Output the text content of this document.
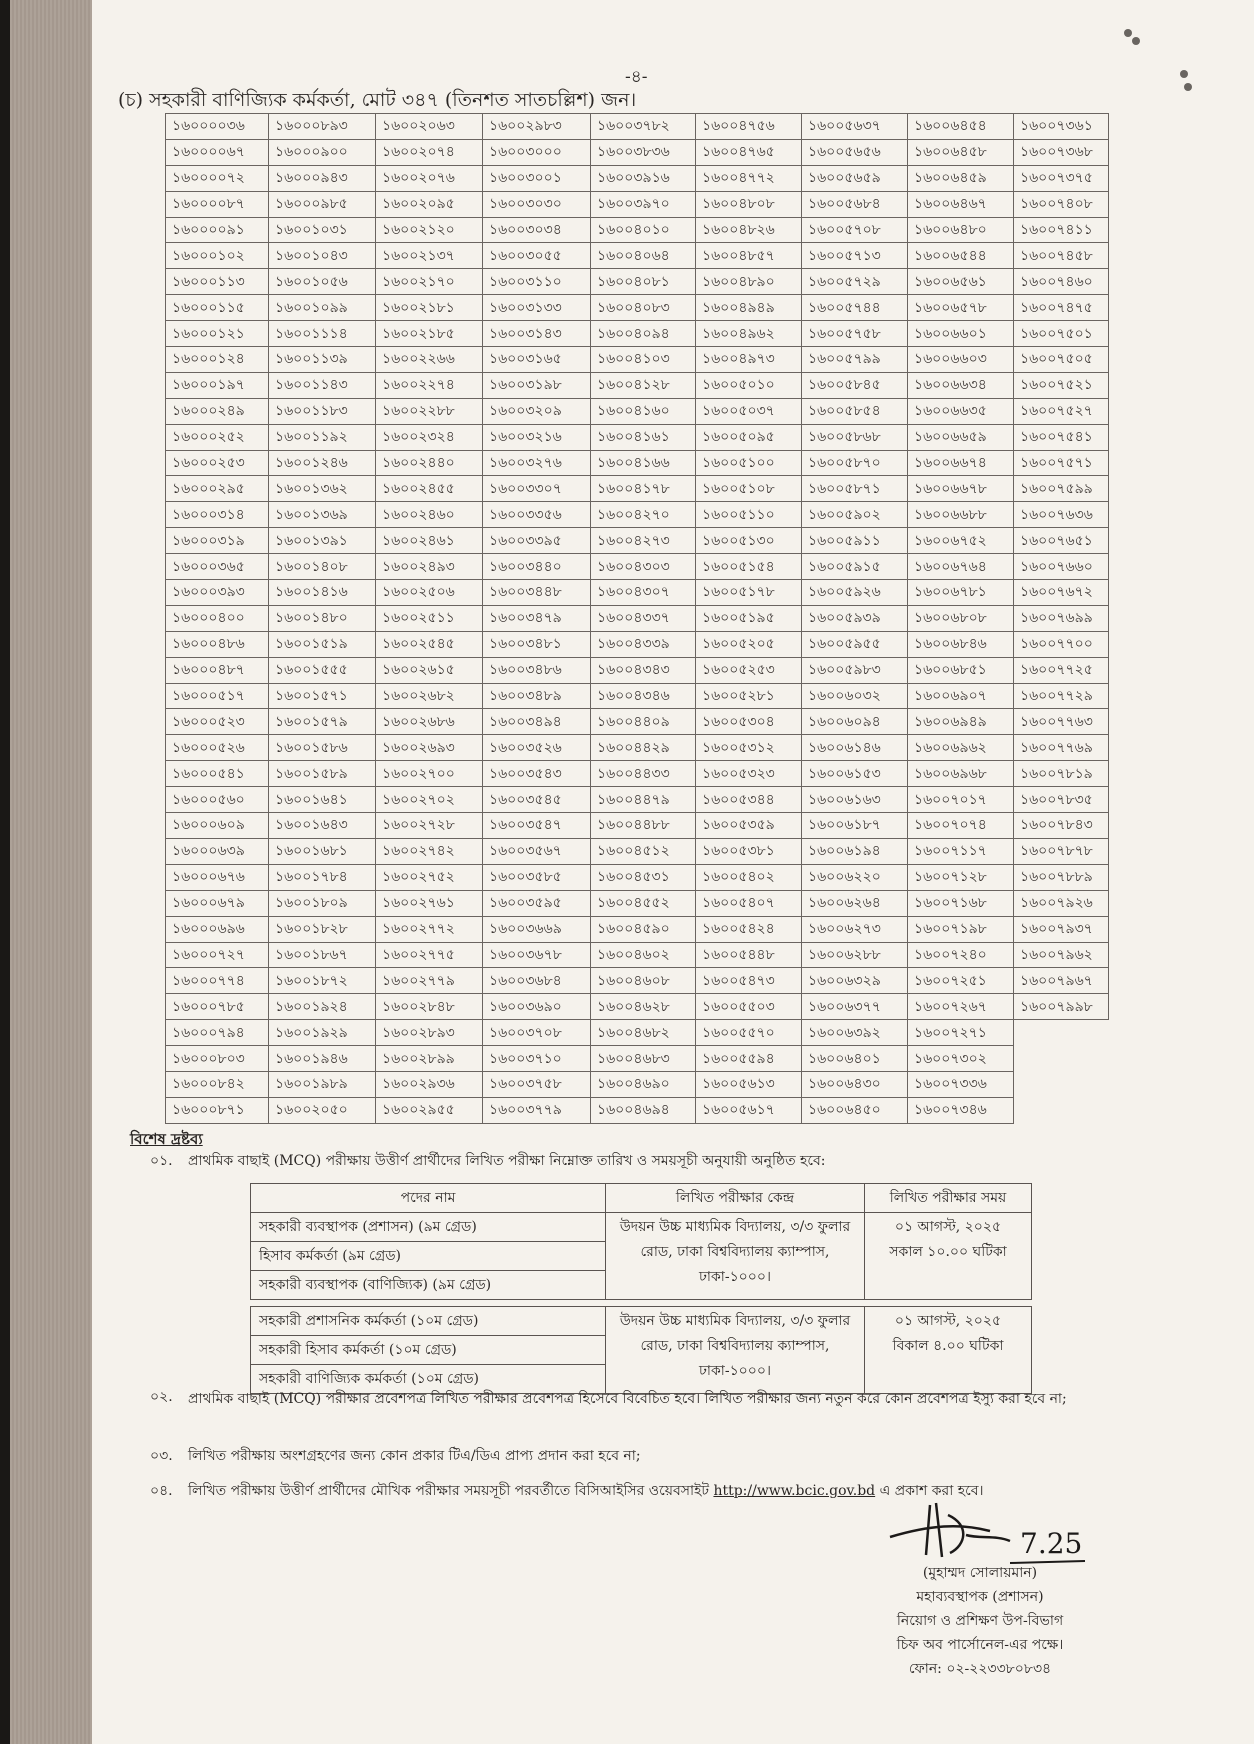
-৪-
(চ) সহকারী বাণিজ্যিক কর্মকর্তা, মোট ৩৪৭ (তিনশত সাতচল্লিশ) জন।
১৬০০০০৩৬	১৬০০০৮৯৩	১৬০০২০৬৩	১৬০০২৯৮৩	১৬০০৩৭৮২	১৬০০৪৭৫৬	১৬০০৫৬৩৭	১৬০০৬৪৫৪	১৬০০৭৩৬১
১৬০০০০৬৭	১৬০০০৯০০	১৬০০২০৭৪	১৬০০৩০০০	১৬০০৩৮৩৬	১৬০০৪৭৬৫	১৬০০৫৬৫৬	১৬০০৬৪৫৮	১৬০০৭৩৬৮
১৬০০০০৭২	১৬০০০৯৪৩	১৬০০২০৭৬	১৬০০৩০০১	১৬০০৩৯১৬	১৬০০৪৭৭২	১৬০০৫৬৫৯	১৬০০৬৪৫৯	১৬০০৭৩৭৫
১৬০০০০৮৭	১৬০০০৯৮৫	১৬০০২০৯৫	১৬০০৩০৩০	১৬০০৩৯৭০	১৬০০৪৮০৮	১৬০০৫৬৮৪	১৬০০৬৪৬৭	১৬০০৭৪০৮
১৬০০০০৯১	১৬০০১০৩১	১৬০০২১২০	১৬০০৩০৩৪	১৬০০৪০১০	১৬০০৪৮২৬	১৬০০৫৭০৮	১৬০০৬৪৮০	১৬০০৭৪১১
১৬০০০১০২	১৬০০১০৪৩	১৬০০২১৩৭	১৬০০৩০৫৫	১৬০০৪০৬৪	১৬০০৪৮৫৭	১৬০০৫৭১৩	১৬০০৬৫৪৪	১৬০০৭৪৫৮
১৬০০০১১৩	১৬০০১০৫৬	১৬০০২১৭০	১৬০০৩১১০	১৬০০৪০৮১	১৬০০৪৮৯০	১৬০০৫৭২৯	১৬০০৬৫৬১	১৬০০৭৪৬০
১৬০০০১১৫	১৬০০১০৯৯	১৬০০২১৮১	১৬০০৩১৩৩	১৬০০৪০৮৩	১৬০০৪৯৪৯	১৬০০৫৭৪৪	১৬০০৬৫৭৮	১৬০০৭৪৭৫
১৬০০০১২১	১৬০০১১১৪	১৬০০২১৮৫	১৬০০৩১৪৩	১৬০০৪০৯৪	১৬০০৪৯৬২	১৬০০৫৭৫৮	১৬০০৬৬০১	১৬০০৭৫০১
১৬০০০১২৪	১৬০০১১৩৯	১৬০০২২৬৬	১৬০০৩১৬৫	১৬০০৪১০৩	১৬০০৪৯৭৩	১৬০০৫৭৯৯	১৬০০৬৬০৩	১৬০০৭৫০৫
১৬০০০১৯৭	১৬০০১১৪৩	১৬০০২২৭৪	১৬০০৩১৯৮	১৬০০৪১২৮	১৬০০৫০১০	১৬০০৫৮৪৫	১৬০০৬৬৩৪	১৬০০৭৫২১
১৬০০০২৪৯	১৬০০১১৮৩	১৬০০২২৮৮	১৬০০৩২০৯	১৬০০৪১৬০	১৬০০৫০৩৭	১৬০০৫৮৫৪	১৬০০৬৬৩৫	১৬০০৭৫২৭
১৬০০০২৫২	১৬০০১১৯২	১৬০০২৩২৪	১৬০০৩২১৬	১৬০০৪১৬১	১৬০০৫০৯৫	১৬০০৫৮৬৮	১৬০০৬৬৫৯	১৬০০৭৫৪১
১৬০০০২৫৩	১৬০০১২৪৬	১৬০০২৪৪০	১৬০০৩২৭৬	১৬০০৪১৬৬	১৬০০৫১০০	১৬০০৫৮৭০	১৬০০৬৬৭৪	১৬০০৭৫৭১
১৬০০০২৯৫	১৬০০১৩৬২	১৬০০২৪৫৫	১৬০০৩৩০৭	১৬০০৪১৭৮	১৬০০৫১০৮	১৬০০৫৮৭১	১৬০০৬৬৭৮	১৬০০৭৫৯৯
১৬০০০৩১৪	১৬০০১৩৬৯	১৬০০২৪৬০	১৬০০৩৩৫৬	১৬০০৪২৭০	১৬০০৫১১০	১৬০০৫৯০২	১৬০০৬৬৮৮	১৬০০৭৬৩৬
১৬০০০৩১৯	১৬০০১৩৯১	১৬০০২৪৬১	১৬০০৩৩৯৫	১৬০০৪২৭৩	১৬০০৫১৩০	১৬০০৫৯১১	১৬০০৬৭৫২	১৬০০৭৬৫১
১৬০০০৩৬৫	১৬০০১৪০৮	১৬০০২৪৯৩	১৬০০৩৪৪০	১৬০০৪৩০৩	১৬০০৫১৫৪	১৬০০৫৯১৫	১৬০০৬৭৬৪	১৬০০৭৬৬০
১৬০০০৩৯৩	১৬০০১৪১৬	১৬০০২৫০৬	১৬০০৩৪৪৮	১৬০০৪৩০৭	১৬০০৫১৭৮	১৬০০৫৯২৬	১৬০০৬৭৮১	১৬০০৭৬৭২
১৬০০০৪০০	১৬০০১৪৮০	১৬০০২৫১১	১৬০০৩৪৭৯	১৬০০৪৩৩৭	১৬০০৫১৯৫	১৬০০৫৯৩৯	১৬০০৬৮০৮	১৬০০৭৬৯৯
১৬০০০৪৮৬	১৬০০১৫১৯	১৬০০২৫৪৫	১৬০০৩৪৮১	১৬০০৪৩৩৯	১৬০০৫২০৫	১৬০০৫৯৫৫	১৬০০৬৮৪৬	১৬০০৭৭০০
১৬০০০৪৮৭	১৬০০১৫৫৫	১৬০০২৬১৫	১৬০০৩৪৮৬	১৬০০৪৩৪৩	১৬০০৫২৫৩	১৬০০৫৯৮৩	১৬০০৬৮৫১	১৬০০৭৭২৫
১৬০০০৫১৭	১৬০০১৫৭১	১৬০০২৬৮২	১৬০০৩৪৮৯	১৬০০৪৩৪৬	১৬০০৫২৮১	১৬০০৬০৩২	১৬০০৬৯০৭	১৬০০৭৭২৯
১৬০০০৫২৩	১৬০০১৫৭৯	১৬০০২৬৮৬	১৬০০৩৪৯৪	১৬০০৪৪০৯	১৬০০৫৩০৪	১৬০০৬০৯৪	১৬০০৬৯৪৯	১৬০০৭৭৬৩
১৬০০০৫২৬	১৬০০১৫৮৬	১৬০০২৬৯৩	১৬০০৩৫২৬	১৬০০৪৪২৯	১৬০০৫৩১২	১৬০০৬১৪৬	১৬০০৬৯৬২	১৬০০৭৭৬৯
১৬০০০৫৪১	১৬০০১৫৮৯	১৬০০২৭০০	১৬০০৩৫৪৩	১৬০০৪৪৩৩	১৬০০৫৩২৩	১৬০০৬১৫৩	১৬০০৬৯৬৮	১৬০০৭৮১৯
১৬০০০৫৬০	১৬০০১৬৪১	১৬০০২৭০২	১৬০০৩৫৪৫	১৬০০৪৪৭৯	১৬০০৫৩৪৪	১৬০০৬১৬৩	১৬০০৭০১৭	১৬০০৭৮৩৫
১৬০০০৬০৯	১৬০০১৬৪৩	১৬০০২৭২৮	১৬০০৩৫৪৭	১৬০০৪৪৮৮	১৬০০৫৩৫৯	১৬০০৬১৮৭	১৬০০৭০৭৪	১৬০০৭৮৪৩
১৬০০০৬৩৯	১৬০০১৬৮১	১৬০০২৭৪২	১৬০০৩৫৬৭	১৬০০৪৫১২	১৬০০৫৩৮১	১৬০০৬১৯৪	১৬০০৭১১৭	১৬০০৭৮৭৮
১৬০০০৬৭৬	১৬০০১৭৮৪	১৬০০২৭৫২	১৬০০৩৫৮৫	১৬০০৪৫৩১	১৬০০৫৪০২	১৬০০৬২২০	১৬০০৭১২৮	১৬০০৭৮৮৯
১৬০০০৬৭৯	১৬০০১৮০৯	১৬০০২৭৬১	১৬০০৩৫৯৫	১৬০০৪৫৫২	১৬০০৫৪০৭	১৬০০৬২৬৪	১৬০০৭১৬৮	১৬০০৭৯২৬
১৬০০০৬৯৬	১৬০০১৮২৮	১৬০০২৭৭২	১৬০০৩৬৬৯	১৬০০৪৫৯০	১৬০০৫৪২৪	১৬০০৬২৭৩	১৬০০৭১৯৮	১৬০০৭৯৩৭
১৬০০০৭২৭	১৬০০১৮৬৭	১৬০০২৭৭৫	১৬০০৩৬৭৮	১৬০০৪৬০২	১৬০০৫৪৪৮	১৬০০৬২৮৮	১৬০০৭২৪০	১৬০০৭৯৬২
১৬০০০৭৭৪	১৬০০১৮৭২	১৬০০২৭৭৯	১৬০০৩৬৮৪	১৬০০৪৬০৮	১৬০০৫৪৭৩	১৬০০৬৩২৯	১৬০০৭২৫১	১৬০০৭৯৬৭
১৬০০০৭৮৫	১৬০০১৯২৪	১৬০০২৮৪৮	১৬০০৩৬৯০	১৬০০৪৬২৮	১৬০০৫৫০৩	১৬০০৬৩৭৭	১৬০০৭২৬৭	১৬০০৭৯৯৮
১৬০০০৭৯৪	১৬০০১৯২৯	১৬০০২৮৯৩	১৬০০৩৭০৮	১৬০০৪৬৮২	১৬০০৫৫৭০	১৬০০৬৩৯২	১৬০০৭২৭১	
১৬০০০৮০৩	১৬০০১৯৪৬	১৬০০২৮৯৯	১৬০০৩৭১০	১৬০০৪৬৮৩	১৬০০৫৫৯৪	১৬০০৬৪০১	১৬০০৭৩০২	
১৬০০০৮৪২	১৬০০১৯৮৯	১৬০০২৯৩৬	১৬০০৩৭৫৮	১৬০০৪৬৯০	১৬০০৫৬১৩	১৬০০৬৪৩০	১৬০০৭৩৩৬	
১৬০০০৮৭১	১৬০০২০৫০	১৬০০২৯৫৫	১৬০০৩৭৭৯	১৬০০৪৬৯৪	১৬০০৫৬১৭	১৬০০৬৪৫০	১৬০০৭৩৪৬	
বিশেষ দ্রষ্টব্য
০১. প্রাথমিক বাছাই (MCQ) পরীক্ষায় উত্তীর্ণ প্রার্থীদের লিখিত পরীক্ষা নিম্নোক্ত তারিখ ও সময়সূচী অনুযায়ী অনুষ্ঠিত হবে:
পদের নাম	লিখিত পরীক্ষার কেন্দ্র	লিখিত পরীক্ষার সময়
সহকারী ব্যবস্থাপক (প্রশাসন) (৯ম গ্রেড)	উদয়ন উচ্চ মাধ্যমিক বিদ্যালয়, ৩/৩ ফুলার রোড, ঢাকা বিশ্ববিদ্যালয় ক্যাম্পাস, ঢাকা-১০০০।	০১ আগস্ট, ২০২৫
সকাল ১০.০০ ঘটিকা

হিসাব কর্মকর্তা (৯ম গ্রেড)		
সহকারী ব্যবস্থাপক (বাণিজ্যিক) (৯ম গ্রেড)		

সহকারী প্রশাসনিক কর্মকর্তা (১০ম গ্রেড)	উদয়ন উচ্চ মাধ্যমিক বিদ্যালয়, ৩/৩ ফুলার রোড, ঢাকা বিশ্ববিদ্যালয় ক্যাম্পাস, ঢাকা-১০০০।	০১ আগস্ট, ২০২৫
বিকাল ৪.০০ ঘটিকা

সহকারী হিসাব কর্মকর্তা (১০ম গ্রেড)		
সহকারী বাণিজ্যিক কর্মকর্তা (১০ম গ্রেড)		
০২. প্রাথমিক বাছাই (MCQ) পরীক্ষার প্রবেশপত্র লিখিত পরীক্ষার প্রবেশপত্র হিসেবে বিবেচিত হবে। লিখিত পরীক্ষার জন্য নতুন করে কোন প্রবেশপত্র ইস্যু করা হবে না;
০৩. লিখিত পরীক্ষায় অংশগ্রহণের জন্য কোন প্রকার টিএ/ডিএ প্রাপ্য প্রদান করা হবে না;
০৪. লিখিত পরীক্ষায় উত্তীর্ণ প্রার্থীদের মৌখিক পরীক্ষার সময়সূচী পরবর্তীতে বিসিআইসির ওয়েবসাইট http://www.bcic.gov.bd এ প্রকাশ করা হবে।
7.25
(মুহাম্মদ সোলায়মান)
মহাব্যবস্থাপক (প্রশাসন)
নিয়োগ ও প্রশিক্ষণ উপ-বিভাগ
চিফ অব পার্সোনেল-এর পক্ষে।
ফোন: ০২-২২৩৩৮০৮৩৪
